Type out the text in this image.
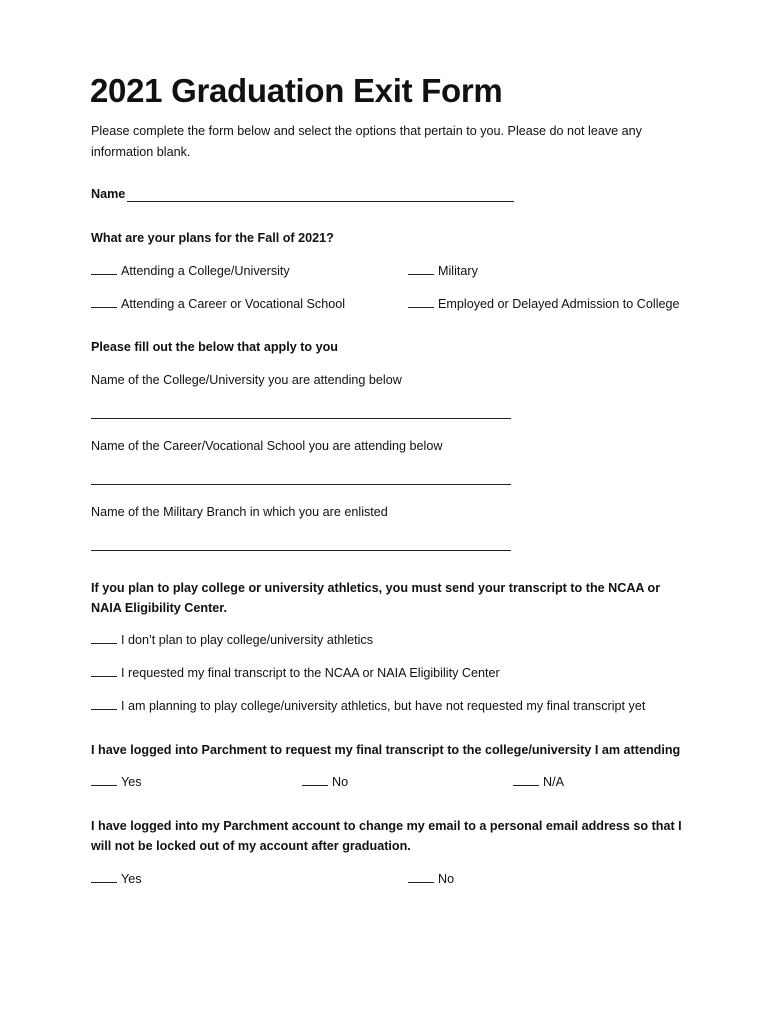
2021 Graduation Exit Form
Please complete the form below and select the options that pertain to you. Please do not leave any information blank.
Name
What are your plans for the Fall of 2021?
Attending a College/University	Military
Attending a Career or Vocational School	Employed or Delayed Admission to College
Please fill out the below that apply to you
Name of the College/University you are attending below
Name of the Career/Vocational School you are attending below
Name of the Military Branch in which you are enlisted
If you plan to play college or university athletics, you must send your transcript to the NCAA or NAIA Eligibility Center.
I don’t plan to play college/university athletics
I requested my final transcript to the NCAA or NAIA Eligibility Center
I am planning to play college/university athletics, but have not requested my final transcript yet
I have logged into Parchment to request my final transcript to the college/university I am attending
Yes	No	N/A
I have logged into my Parchment account to change my email to a personal email address so that I will not be locked out of my account after graduation.
Yes	No
